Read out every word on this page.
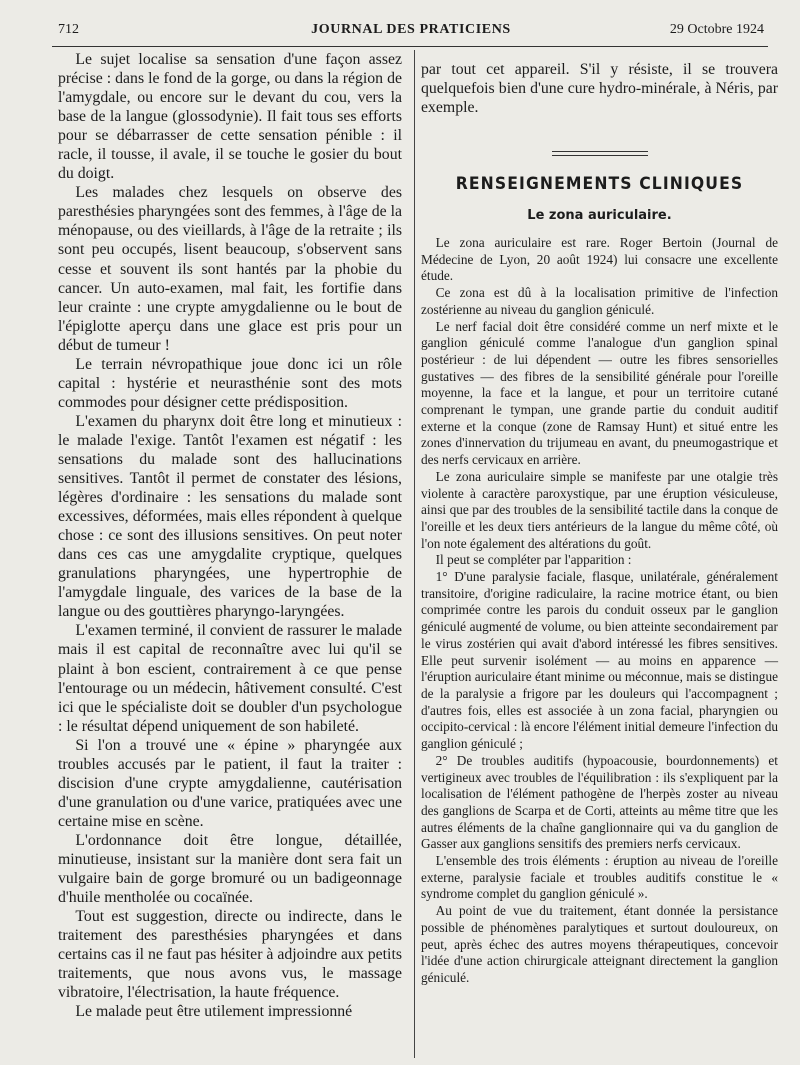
712	JOURNAL DES PRATICIENS	29 Octobre 1924

Le sujet localise sa sensation d'une façon assez précise : dans le fond de la gorge, ou dans la région de l'amygdale, ou encore sur le devant du cou, vers la base de la langue (glossodynie). Il fait tous ses efforts pour se débarrasser de cette sensation pénible : il racle, il tousse, il avale, il se touche le gosier du bout du doigt.

Les malades chez lesquels on observe des paresthésies pharyngées sont des femmes, à l'âge de la ménopause, ou des vieillards, à l'âge de la retraite ; ils sont peu occupés, lisent beaucoup, s'observent sans cesse et souvent ils sont hantés par la phobie du cancer. Un auto-examen, mal fait, les fortifie dans leur crainte : une crypte amygdalienne ou le bout de l'épiglotte aperçu dans une glace est pris pour un début de tumeur !

Le terrain névropathique joue donc ici un rôle capital : hystérie et neurasthénie sont des mots commodes pour désigner cette prédisposition.

L'examen du pharynx doit être long et minutieux : le malade l'exige. Tantôt l'examen est négatif : les sensations du malade sont des hallucinations sensitives. Tantôt il permet de constater des lésions, légères d'ordinaire : les sensations du malade sont excessives, déformées, mais elles répondent à quelque chose : ce sont des illusions sensitives. On peut noter dans ces cas une amygdalite cryptique, quelques granulations pharyngées, une hypertrophie de l'amygdale linguale, des varices de la base de la langue ou des gouttières pharyngo-laryngées.

L'examen terminé, il convient de rassurer le malade mais il est capital de reconnaître avec lui qu'il se plaint à bon escient, contrairement à ce que pense l'entourage ou un médecin, hâtivement consulté. C'est ici que le spécialiste doit se doubler d'un psychologue : le résultat dépend uniquement de son habileté.

Si l'on a trouvé une « épine » pharyngée aux troubles accusés par le patient, il faut la traiter : discision d'une crypte amygdalienne, cautérisation d'une granulation ou d'une varice, pratiquées avec une certaine mise en scène.

L'ordonnance doit être longue, détaillée, minutieuse, insistant sur la manière dont sera fait un vulgaire bain de gorge bromuré ou un badigeonnage d'huile mentholée ou cocaïnée.

Tout est suggestion, directe ou indirecte, dans le traitement des paresthésies pharyngées et dans certains cas il ne faut pas hésiter à adjoindre aux petits traitements, que nous avons vus, le massage vibratoire, l'électrisation, la haute fréquence.

Le malade peut être utilement impressionné

par tout cet appareil. S'il y résiste, il se trouvera quelquefois bien d'une cure hydro-minérale, à Néris, par exemple.

RENSEIGNEMENTS CLINIQUES
Le zona auriculaire.

Le zona auriculaire est rare. Roger Bertoin (Journal de Médecine de Lyon, 20 août 1924) lui consacre une excellente étude.

Ce zona est dû à la localisation primitive de l'infection zostérienne au niveau du ganglion géniculé.

Le nerf facial doit être considéré comme un nerf mixte et le ganglion géniculé comme l'analogue d'un ganglion spinal postérieur : de lui dépendent — outre les fibres sensorielles gustatives — des fibres de la sensibilité générale pour l'oreille moyenne, la face et la langue, et pour un territoire cutané comprenant le tympan, une grande partie du conduit auditif externe et la conque (zone de Ramsay Hunt) et situé entre les zones d'innervation du trijumeau en avant, du pneumogastrique et des nerfs cervicaux en arrière.

Le zona auriculaire simple se manifeste par une otalgie très violente à caractère paroxystique, par une éruption vésiculeuse, ainsi que par des troubles de la sensibilité tactile dans la conque de l'oreille et les deux tiers antérieurs de la langue du même côté, où l'on note également des altérations du goût.

Il peut se compléter par l'apparition :

1° D'une paralysie faciale, flasque, unilatérale, généralement transitoire, d'origine radiculaire, la racine motrice étant, ou bien comprimée contre les parois du conduit osseux par le ganglion géniculé augmenté de volume, ou bien atteinte secondairement par le virus zostérien qui avait d'abord intéressé les fibres sensitives. Elle peut survenir isolément — au moins en apparence — l'éruption auriculaire étant minime ou méconnue, mais se distingue de la paralysie a frigore par les douleurs qui l'accompagnent ; d'autres fois, elles est associée à un zona facial, pharyngien ou occipito-cervical : là encore l'élément initial demeure l'infection du ganglion géniculé ;

2° De troubles auditifs (hypoacousie, bourdonnements) et vertigineux avec troubles de l'équilibration : ils s'expliquent par la localisation de l'élément pathogène de l'herpès zoster au niveau des ganglions de Scarpa et de Corti, atteints au même titre que les autres éléments de la chaîne ganglionnaire qui va du ganglion de Gasser aux ganglions sensitifs des premiers nerfs cervicaux.

L'ensemble des trois éléments : éruption au niveau de l'oreille externe, paralysie faciale et troubles auditifs constitue le « syndrome complet du ganglion géniculé ».

Au point de vue du traitement, étant donnée la persistance possible de phénomènes paralytiques et surtout douloureux, on peut, après échec des autres moyens thérapeutiques, concevoir l'idée d'une action chirurgicale atteignant directement la ganglion géniculé.
